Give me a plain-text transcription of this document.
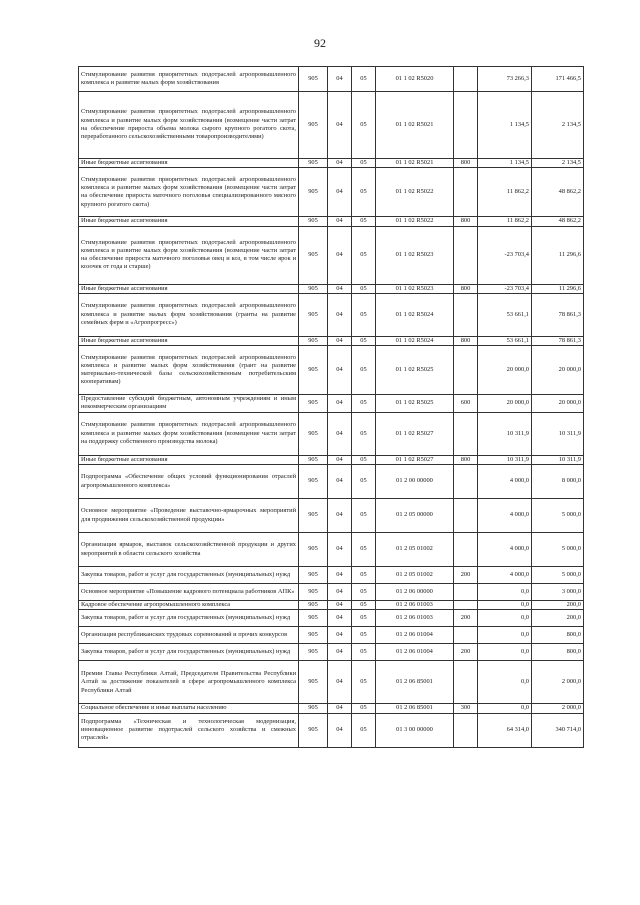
92
Стимулирование развития приоритетных подотраслей агропромышленного комплекса и развитие малых форм хозяйствования	905	04	05	01 1 02 R5020		73 266,3	171 466,5
Стимулирование развития приоритетных подотраслей агропромышленного комплекса и развитие малых форм хозяйствования (возмещение части затрат на обеспечение прироста объема молока сырого крупного рогатого скота, переработанного сельскохозяйственными товаропроизводителями)	905	04	05	01 1 02 R5021		1 134,5	2 134,5
Иные бюджетные ассигнования	905	04	05	01 1 02 R5021	800	1 134,5	2 134,5
Стимулирование развития приоритетных подотраслей агропромышленного комплекса и развитие малых форм хозяйствования (возмещение части затрат на обеспечение прироста маточного поголовья специализированного мясного крупного рогатого скота)	905	04	05	01 1 02 R5022		11 862,2	48 862,2
Иные бюджетные ассигнования	905	04	05	01 1 02 R5022	800	11 862,2	48 862,2
Стимулирование развития приоритетных подотраслей агропромышленного комплекса и развитие малых форм хозяйствования (возмещение части затрат на обеспечение прироста маточного поголовья овец и коз, в том числе ярок и козочек от года и старше)	905	04	05	01 1 02 R5023		-23 703,4	11 296,6
Иные бюджетные ассигнования	905	04	05	01 1 02 R5023	800	-23 703,4	11 296,6
Стимулирование развития приоритетных подотраслей агропромышленного комплекса и развитие малых форм хозяйствования (гранты на развитие семейных ферм и «Агропрогресс»)	905	04	05	01 1 02 R5024		53 661,1	78 861,3
Иные бюджетные ассигнования	905	04	05	01 1 02 R5024	800	53 661,1	78 861,3
Стимулирование развития приоритетных подотраслей агропромышленного комплекса и развитие малых форм хозяйствования (грант на развитие материально-технической базы сельскохозяйственным потребительским кооперативам)	905	04	05	01 1 02 R5025		20 000,0	20 000,0
Предоставление субсидий бюджетным, автономным учреждениям и иным некоммерческим организациям	905	04	05	01 1 02 R5025	600	20 000,0	20 000,0
Стимулирование развития приоритетных подотраслей агропромышленного комплекса и развитие малых форм хозяйствования (возмещение части затрат на поддержку собственного производства молока)	905	04	05	01 1 02 R5027		10 311,9	10 311,9
Иные бюджетные ассигнования	905	04	05	01 1 02 R5027	800	10 311,9	10 311,9
Подпрограмма «Обеспечение общих условий функционирования отраслей агропромышленного комплекса»	905	04	05	01 2 00 00000		4 000,0	8 000,0
Основное мероприятие «Проведение выставочно-ярмарочных мероприятий для продвижения сельскохозяйственной продукции»	905	04	05	01 2 05 00000		4 000,0	5 000,0
Организация ярмарок, выставок сельскохозяйственной продукции и других мероприятий в области сельского хозяйства	905	04	05	01 2 05 01002		4 000,0	5 000,0
Закупка товаров, работ и услуг для государственных (муниципальных) нужд	905	04	05	01 2 05 01002	200	4 000,0	5 000,0
Основное мероприятие «Повышение кадрового потенциала работников АПК»	905	04	05	01 2 06 00000		0,0	3 000,0
Кадровое обеспечение агропромышленного комплекса	905	04	05	01 2 06 01003		0,0	200,0
Закупка товаров, работ и услуг для государственных (муниципальных) нужд	905	04	05	01 2 06 01003	200	0,0	200,0
Организация республиканских трудовых соревнований и прочих конкурсов	905	04	05	01 2 06 01004		0,0	800,0
Закупка товаров, работ и услуг для государственных (муниципальных) нужд	905	04	05	01 2 06 01004	200	0,0	800,0
Премии Главы Республики Алтай, Председателя Правительства Республики Алтай за достижение показателей в сфере агропромышленного комплекса Республики Алтай	905	04	05	01 2 06 85001		0,0	2 000,0
Социальное обеспечение и иные выплаты населению	905	04	05	01 2 06 85001	300	0,0	2 000,0
Подпрограмма «Техническая и технологическая модернизация, инновационное развитие подотраслей сельского хозяйства и смежных отраслей»	905	04	05	01 3 00 00000		64 314,0	340 714,0
